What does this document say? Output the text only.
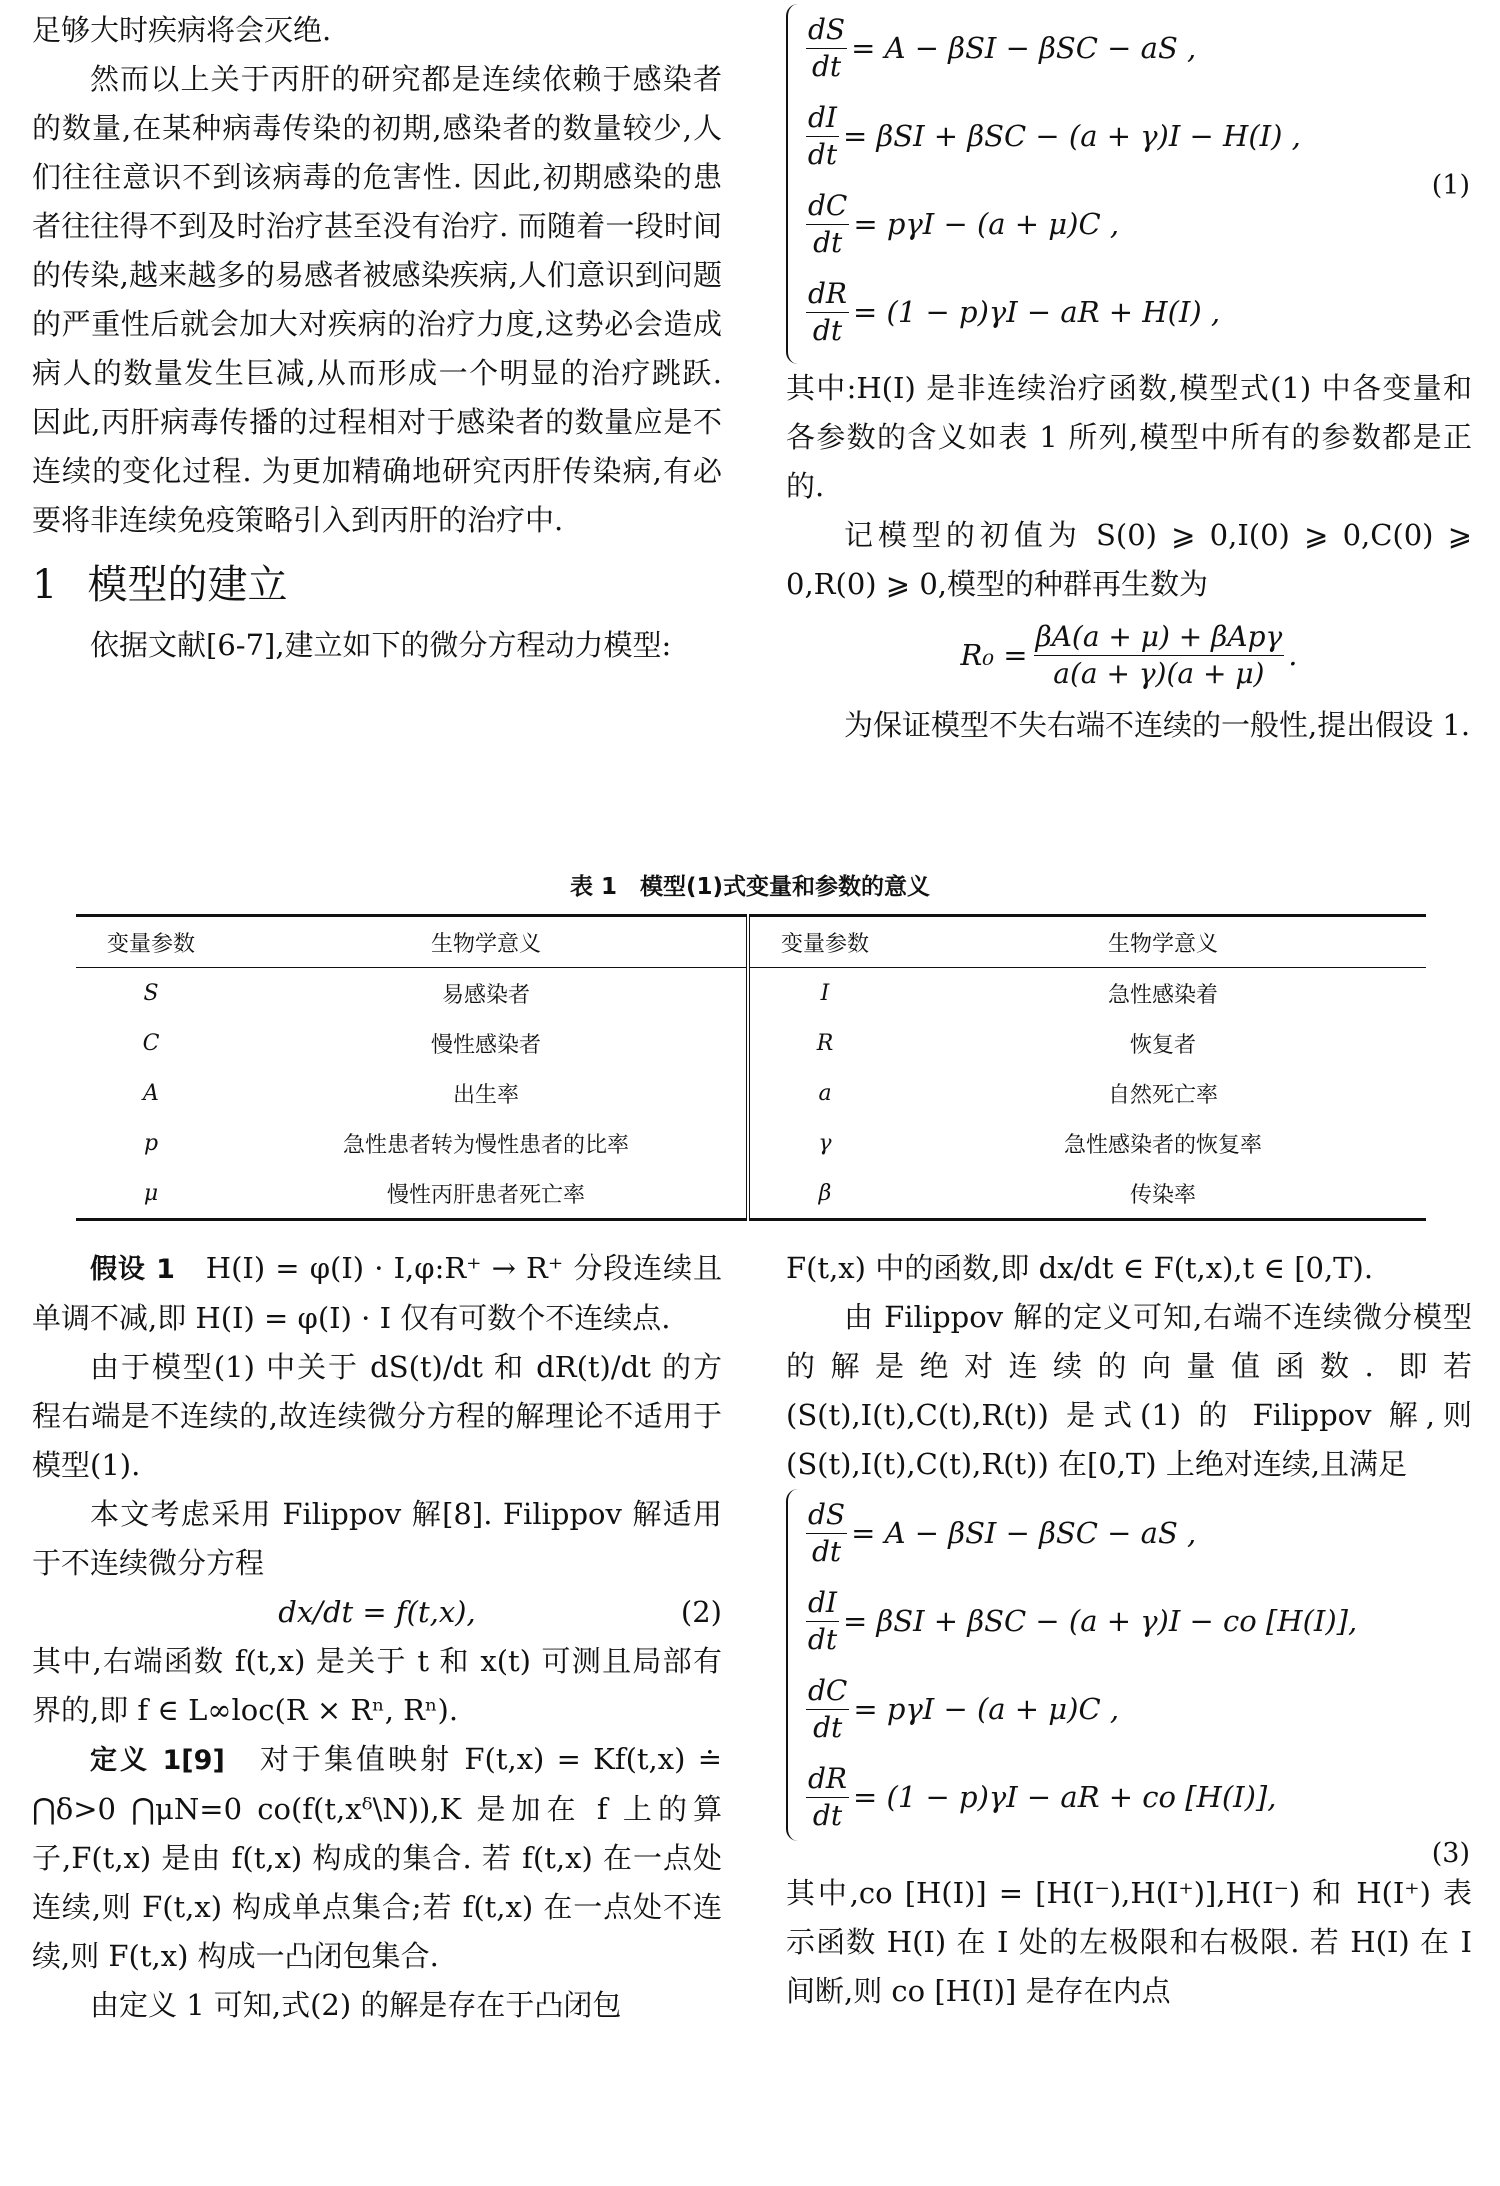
足够大时疾病将会灭绝.

然而以上关于丙肝的研究都是连续依赖于感染者的数量,在某种病毒传染的初期,感染者的数量较少,人们往往意识不到该病毒的危害性. 因此,初期感染的患者往往得不到及时治疗甚至没有治疗. 而随着一段时间的传染,越来越多的易感者被感染疾病,人们意识到问题的严重性后就会加大对疾病的治疗力度,这势必会造成病人的数量发生巨减,从而形成一个明显的治疗跳跃. 因此,丙肝病毒传播的过程相对于感染者的数量应是不连续的变化过程. 为更加精确地研究丙肝传染病,有必要将非连续免疫策略引入到丙肝的治疗中.

1 模型的建立

依据文献[6-7],建立如下的微分方程动力模型:

$\frac{dS}{dt} = A - \beta SI - \beta SC$ − aS ,
$\frac{dI}{dt} = \beta SI + \beta SC - (a + \gamma)I - H(I)$ ,
$\frac{dC}{dt} = p\gamma I - (a + \mu)C$ ,
$\frac{dR}{dt} = (1 - p)\gamma I$ − aR + H(I) ,
(1)

其中:H(I) 是非连续治疗函数,模型式(1) 中各变量和各参数的含义如表 1 所列,模型中所有的参数都是正的.

记模型的初值为 S(0) ⩾ 0,I(0) ⩾ 0,C(0) ⩾ 0,R(0) ⩾ 0,模型的种群再生数为

$R_0 = \frac{\text{βA(a + μ) + βApγ}}{a(a + \gamma)(a + \mu)}$ .

为保证模型不失右端不连续的一般性,提出假设 1.

表 1　模型(1)式变量和参数的意义
变量参数	生物学意义	变量参数	生物学意义
S	易感染者	I	急性感染着
C	慢性感染者	R	恢复者
A	出生率	a	自然死亡率
p	急性患者转为慢性患者的比率	γ	急性感染者的恢复率
μ	慢性丙肝患者死亡率	β	传染率

假设 1　 H(I) = φ(I) · I,φ:R⁺ → R⁺ 分段连续且单调不减,即 H(I) = φ(I) · I 仅有可数个不连续点.

由于模型(1) 中关于 dS(t)/dt 和 dR(t)/dt 的方程右端是不连续的,故连续微分方程的解理论不适用于模型(1).

本文考虑采用 Filippov 解[8]. Filippov 解适用于不连续微分方程

dx/dt = f(t,x),	(2)

其中,右端函数 f(t,x) 是关于 t 和 x(t) 可测且局部有界的,即 f ∈ L∞loc(R × Rⁿ, Rⁿ).

定义 1[9]　 对于集值映射 F(t,x) = Kf(t,x) ≐ ⋂δ>0 ⋂μN=0 co(f(t,xᵟ\N)),K 是加在 f 上的算子,F(t,x) 是由 f(t,x) 构成的集合. 若 f(t,x) 在一点处连续,则 F(t,x) 构成单点集合;若 f(t,x) 在一点处不连续,则 F(t,x) 构成一凸闭包集合.

由定义 1 可知,式(2) 的解是存在于凸闭包

F(t,x) 中的函数,即 dx/dt ∈ F(t,x),t ∈ [0,T).

由 Filippov 解的定义可知,右端不连续微分模型的解是绝对连续的向量值函数. 即若(S(t),I(t),C(t),R(t)) 是式(1) 的 Filippov 解,则(S(t),I(t),C(t),R(t)) 在[0,T) 上绝对连续,且满足

$\frac{dS}{dt} = A - \beta SI - \beta SC$ − aS ,
$\frac{dI}{dt} = \beta SI + \beta SC - (a + \gamma)I$ − co [H(I)],
$\frac{dC}{dt} = p\gamma I - (a + \mu)C$ ,
$\frac{dR}{dt} = (1 - p)\gamma I$ − aR + co [H(I)],
(3)

其中,co [H(I)] = [H(I⁻),H(I⁺)],H(I⁻) 和 H(I⁺) 表示函数 H(I) 在 I 处的左极限和右极限. 若 H(I) 在 I 间断,则 co [H(I)] 是存在内点
